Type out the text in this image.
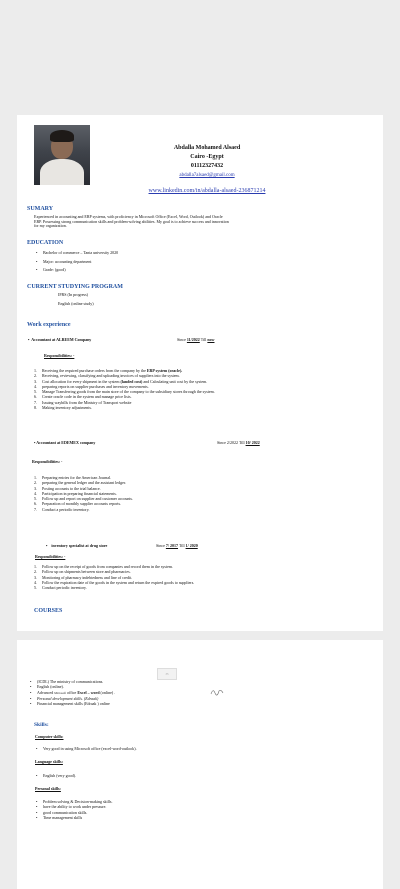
Abdalla Mohamed Alsaed
Cairo -Egypt
01112327432
abdalla7alsaed@gmail.com
www.linkedin.com/in/abdalla-alsaed-236871214
SUMARY
Experienced in accounting and ERP systems, with proficiency in Microsoft Office (Excel, Word, Outlook) and Oracle
ERP. Possessing strong communication skills and problem-solving abilities. My goal is to achieve success and innovation
for my organization.
EDUCATION
• Bachelor of commerce – Tanta university 2020
• Major: accounting department
• Grade: (good)
CURRENT STUDYING PROGRAM
IFRS (In progress)
English (online study)
Work experience
•  Accountant at ALREEM Company	Since 11/2022 Till now
Responsibilities: -
1. Receiving the required purchase orders from the company by the ERP system (oracle).
2. Receiving, reviewing, classifying and uploading invoices of suppliers into the system.
3. Cost allocation for every shipment in the system (landed cost) and Calculating unit cost by the system.
4. preparing reports on supplier purchases and inventory movements.
5. Manage Transferring goods from the main store of the company to the subsidiary stores through the system.
6. Create oracle code in the system and manage price lists.
7. Issuing waybills from the Ministry of Transport website
8. Making inventory adjustments.
• Accountant at EDEMEX company	Since 2/2022 Till 10/ 2022
Responsibilities: -
1. Preparing entries for the American Journal.
2. preparing the general ledger and the assistant ledger.
3. Posting accounts to the trial balance.
4. Participation in preparing financial statements.
5. Follow up and report on supplier and customer accounts.
6. Preparation of monthly supplier accounts reports.
7. Conduct a periodic inventory.
•    inventory specialist at drug store	Since 7/ 2017 Till 1/ 2020
Responsibilities: -
1. Follow up on the receipt of goods from companies and record them in the system.
2. Follow up on shipments between store and pharmacies.
3. Monitoring of pharmacy indebtedness and line of credit.
4. Follow the expiration date of the goods in the system and return the expired goods to suppliers.
5. Conduct periodic inventory.
COURSES
▭
• (ICDL) The ministry of communications.
• English (online).
• Advanced Microsoft office Excel – word (online) .
• Personal development skills. (Edraak)
• Financial management skills (Edraak ) online
Skills:
Computer skills:
• Very good in using Microsoft office (excel-word-outlook).
Language skills:
• English (very good).
Personal skills:
• Problem solving & Decision-making skills.
• have the ability to work under pressure.
• good communication skills.
• Time management skills
